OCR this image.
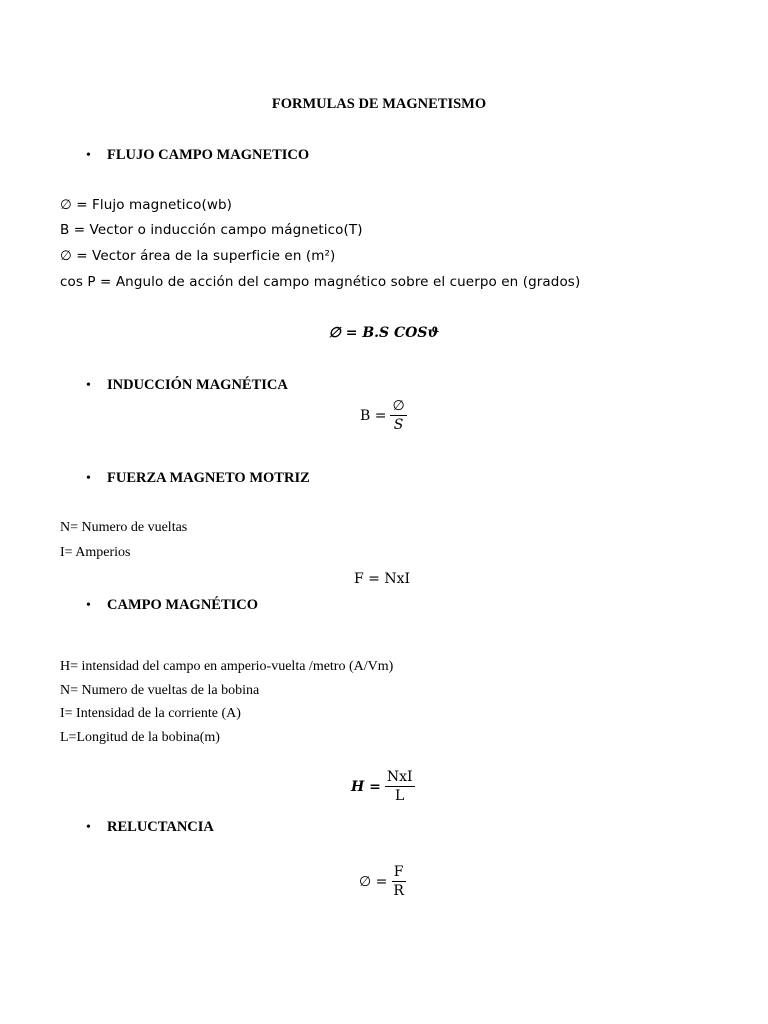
FORMULAS DE MAGNETISMO
• FLUJO CAMPO MAGNETICO
∅ = Flujo magnetico(wb)
B = Vector o inducción campo mágnetico(T)
∅ = Vector área de la superficie en (m²)
cos P = Angulo de acción del campo magnético sobre el cuerpo en (grados)
∅ = B.S COSϑ
• INDUCCIÓN MAGNÉTICA
$B = \frac{\emptyset}{S}$
• FUERZA MAGNETO MOTRIZ
N= Numero de vueltas
I= Amperios
F = NxI
• CAMPO MAGNÉTICO
H= intensidad del campo en amperio-vuelta /metro (A/Vm)
N= Numero de vueltas de la bobina
I= Intensidad de la corriente (A)
L=Longitud de la bobina(m)
$H = \frac{\text{NxI}}{L}$
• RELUCTANCIA
∅ = $\frac{F}{R}$
